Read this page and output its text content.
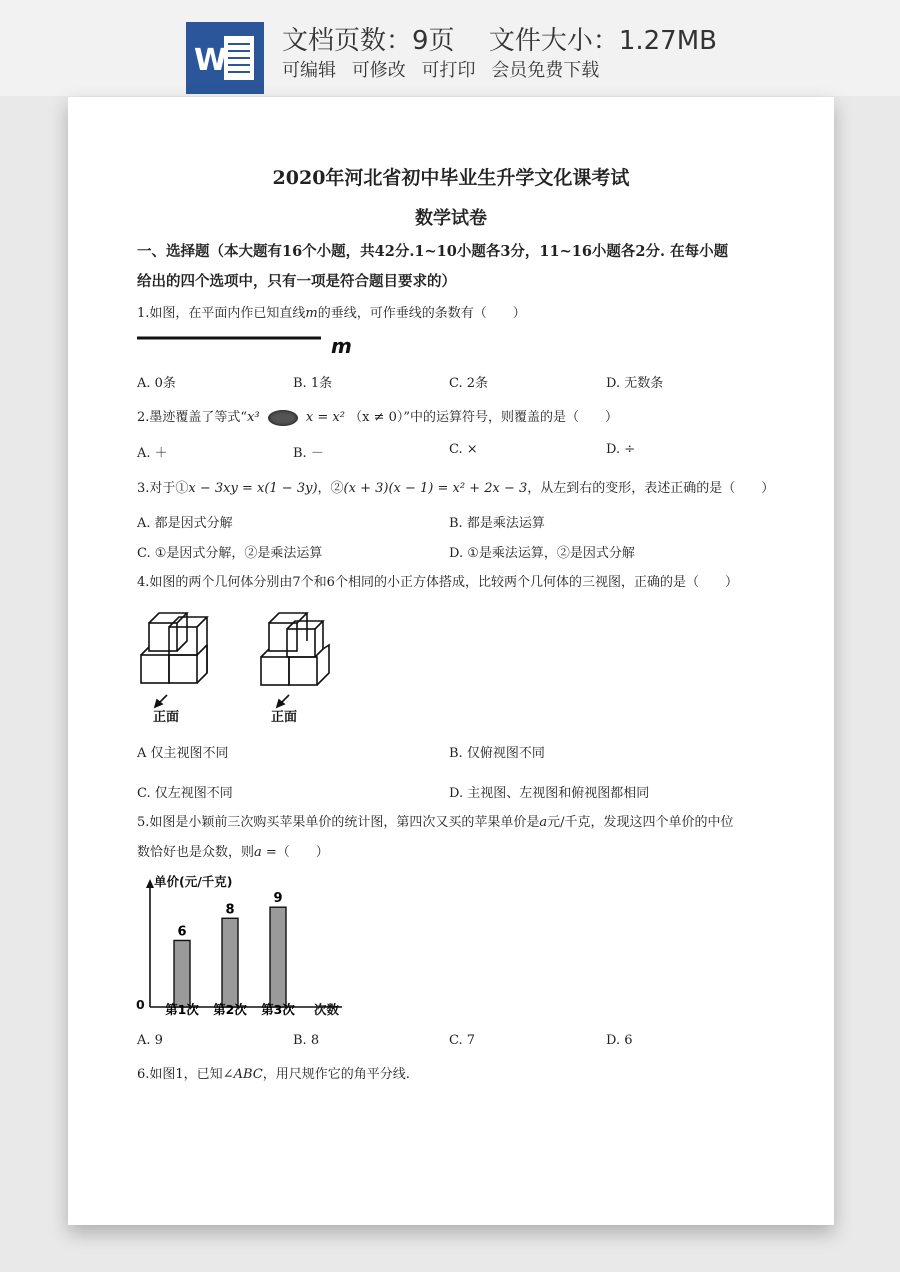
W
文档页数：9页　 文件大小：1.27MB
可编辑 可修改 可打印 会员免费下载
2020年河北省初中毕业生升学文化课考试
数学试卷
一、选择题（本大题有16个小题，共42分.1~10小题各3分，11~16小题各2分. 在每小题
给出的四个选项中，只有一项是符合题目要求的）
1.如图，在平面内作已知直线m的垂线，可作垂线的条数有（　　）
m
A. 0条	B. 1条	C. 2条	D. 无数条
2.墨迹覆盖了等式“x³	x = x² （x ≠ 0）”中的运算符号，则覆盖的是（　　）
A. ＋	B. －	C. ×	D. ÷
3.对于①x − 3xy = x(1 − 3y)，②(x + 3)(x − 1) = x² + 2x − 3，从左到右的变形，表述正确的是（　　）
A. 都是因式分解	B. 都是乘法运算
C. ①是因式分解，②是乘法运算	D. ①是乘法运算，②是因式分解
4.如图的两个几何体分别由7个和6个相同的小正方体搭成，比较两个几何体的三视图，正确的是（　　）
正面	正面
A 仅主视图不同	B. 仅俯视图不同
C. 仅左视图不同	D. 主视图、左视图和俯视图都相同
5.如图是小颖前三次购买苹果单价的统计图，第四次又买的苹果单价是a元/千克，发现这四个单价的中位
数恰好也是众数，则a =（　　）
单价(元/千克)
次数
0
6
第1次
8
第2次
9
第3次
A. 9	B. 8	C. 7	D. 6
6.如图1，已知∠ABC，用尺规作它的角平分线.
